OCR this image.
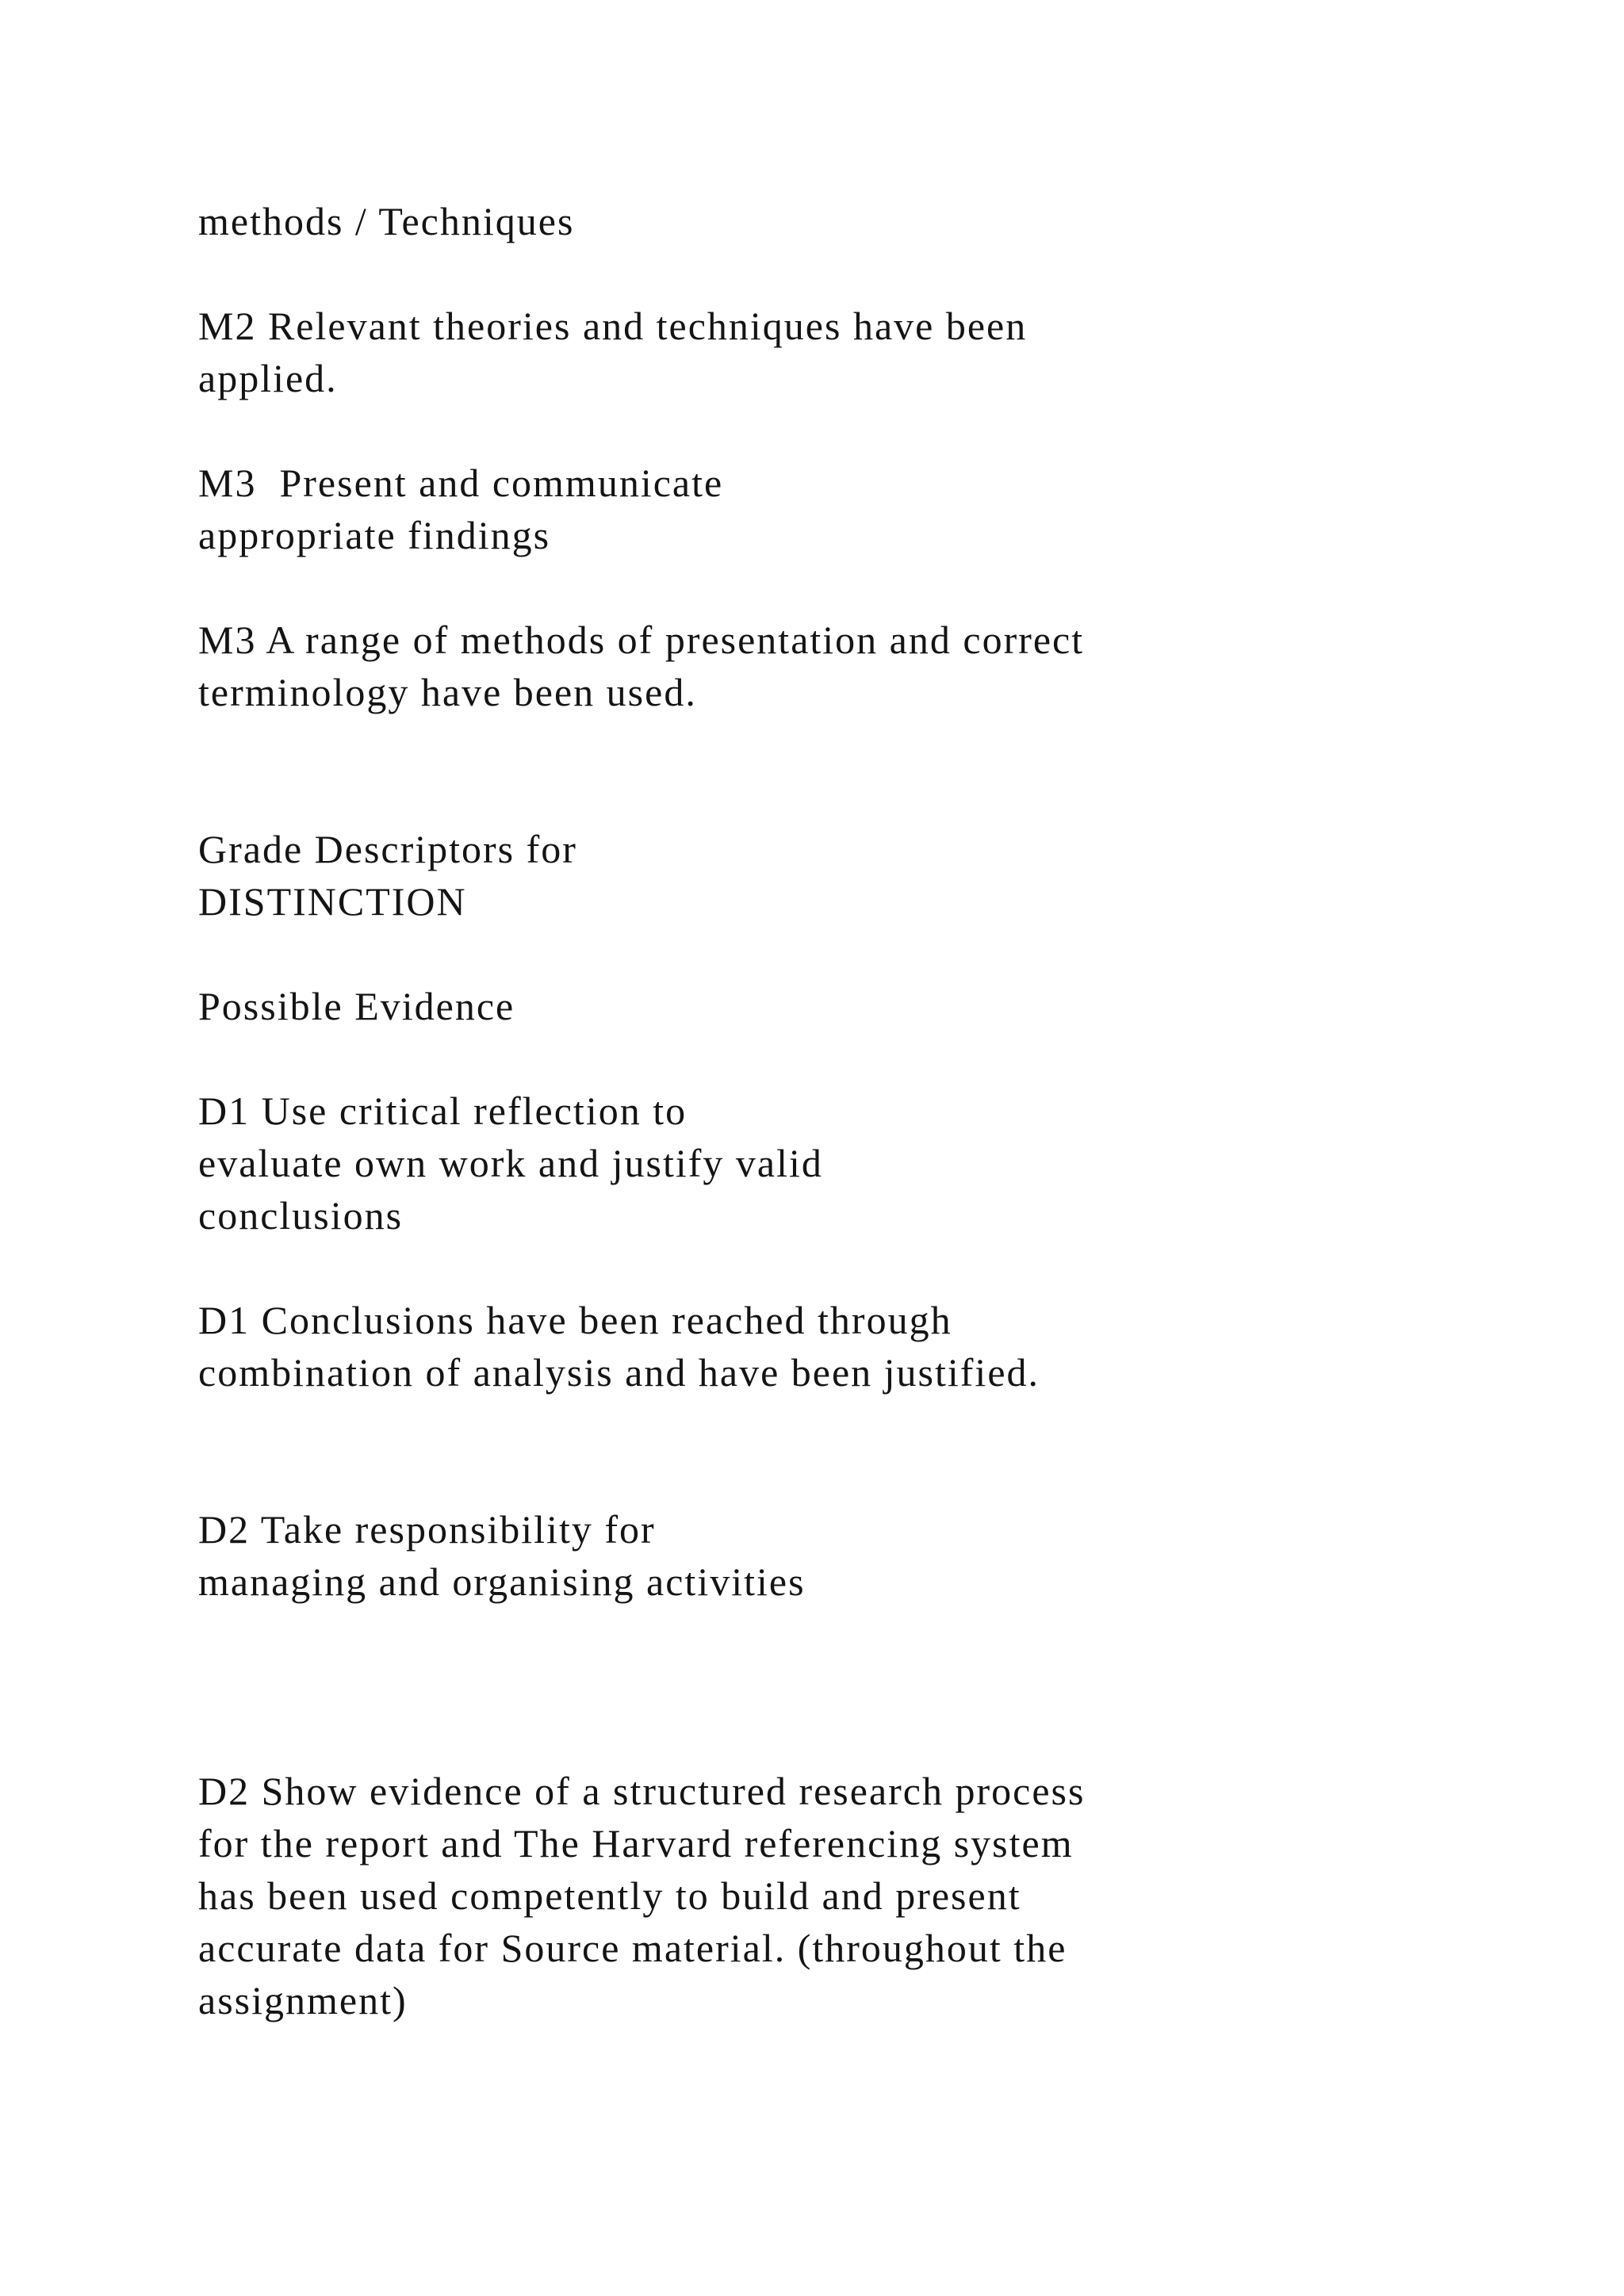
methods / Techniques

M2 Relevant theories and techniques have been

applied.

M3  Present and communicate

appropriate findings

M3 A range of methods of presentation and correct

terminology have been used.

Grade Descriptors for

DISTINCTION

Possible Evidence

D1 Use critical reflection to

evaluate own work and justify valid

conclusions

D1 Conclusions have been reached through

combination of analysis and have been justified.

D2 Take responsibility for

managing and organising activities

D2 Show evidence of a structured research process

for the report and The Harvard referencing system

has been used competently to build and present

accurate data for Source material. (throughout the

assignment)
